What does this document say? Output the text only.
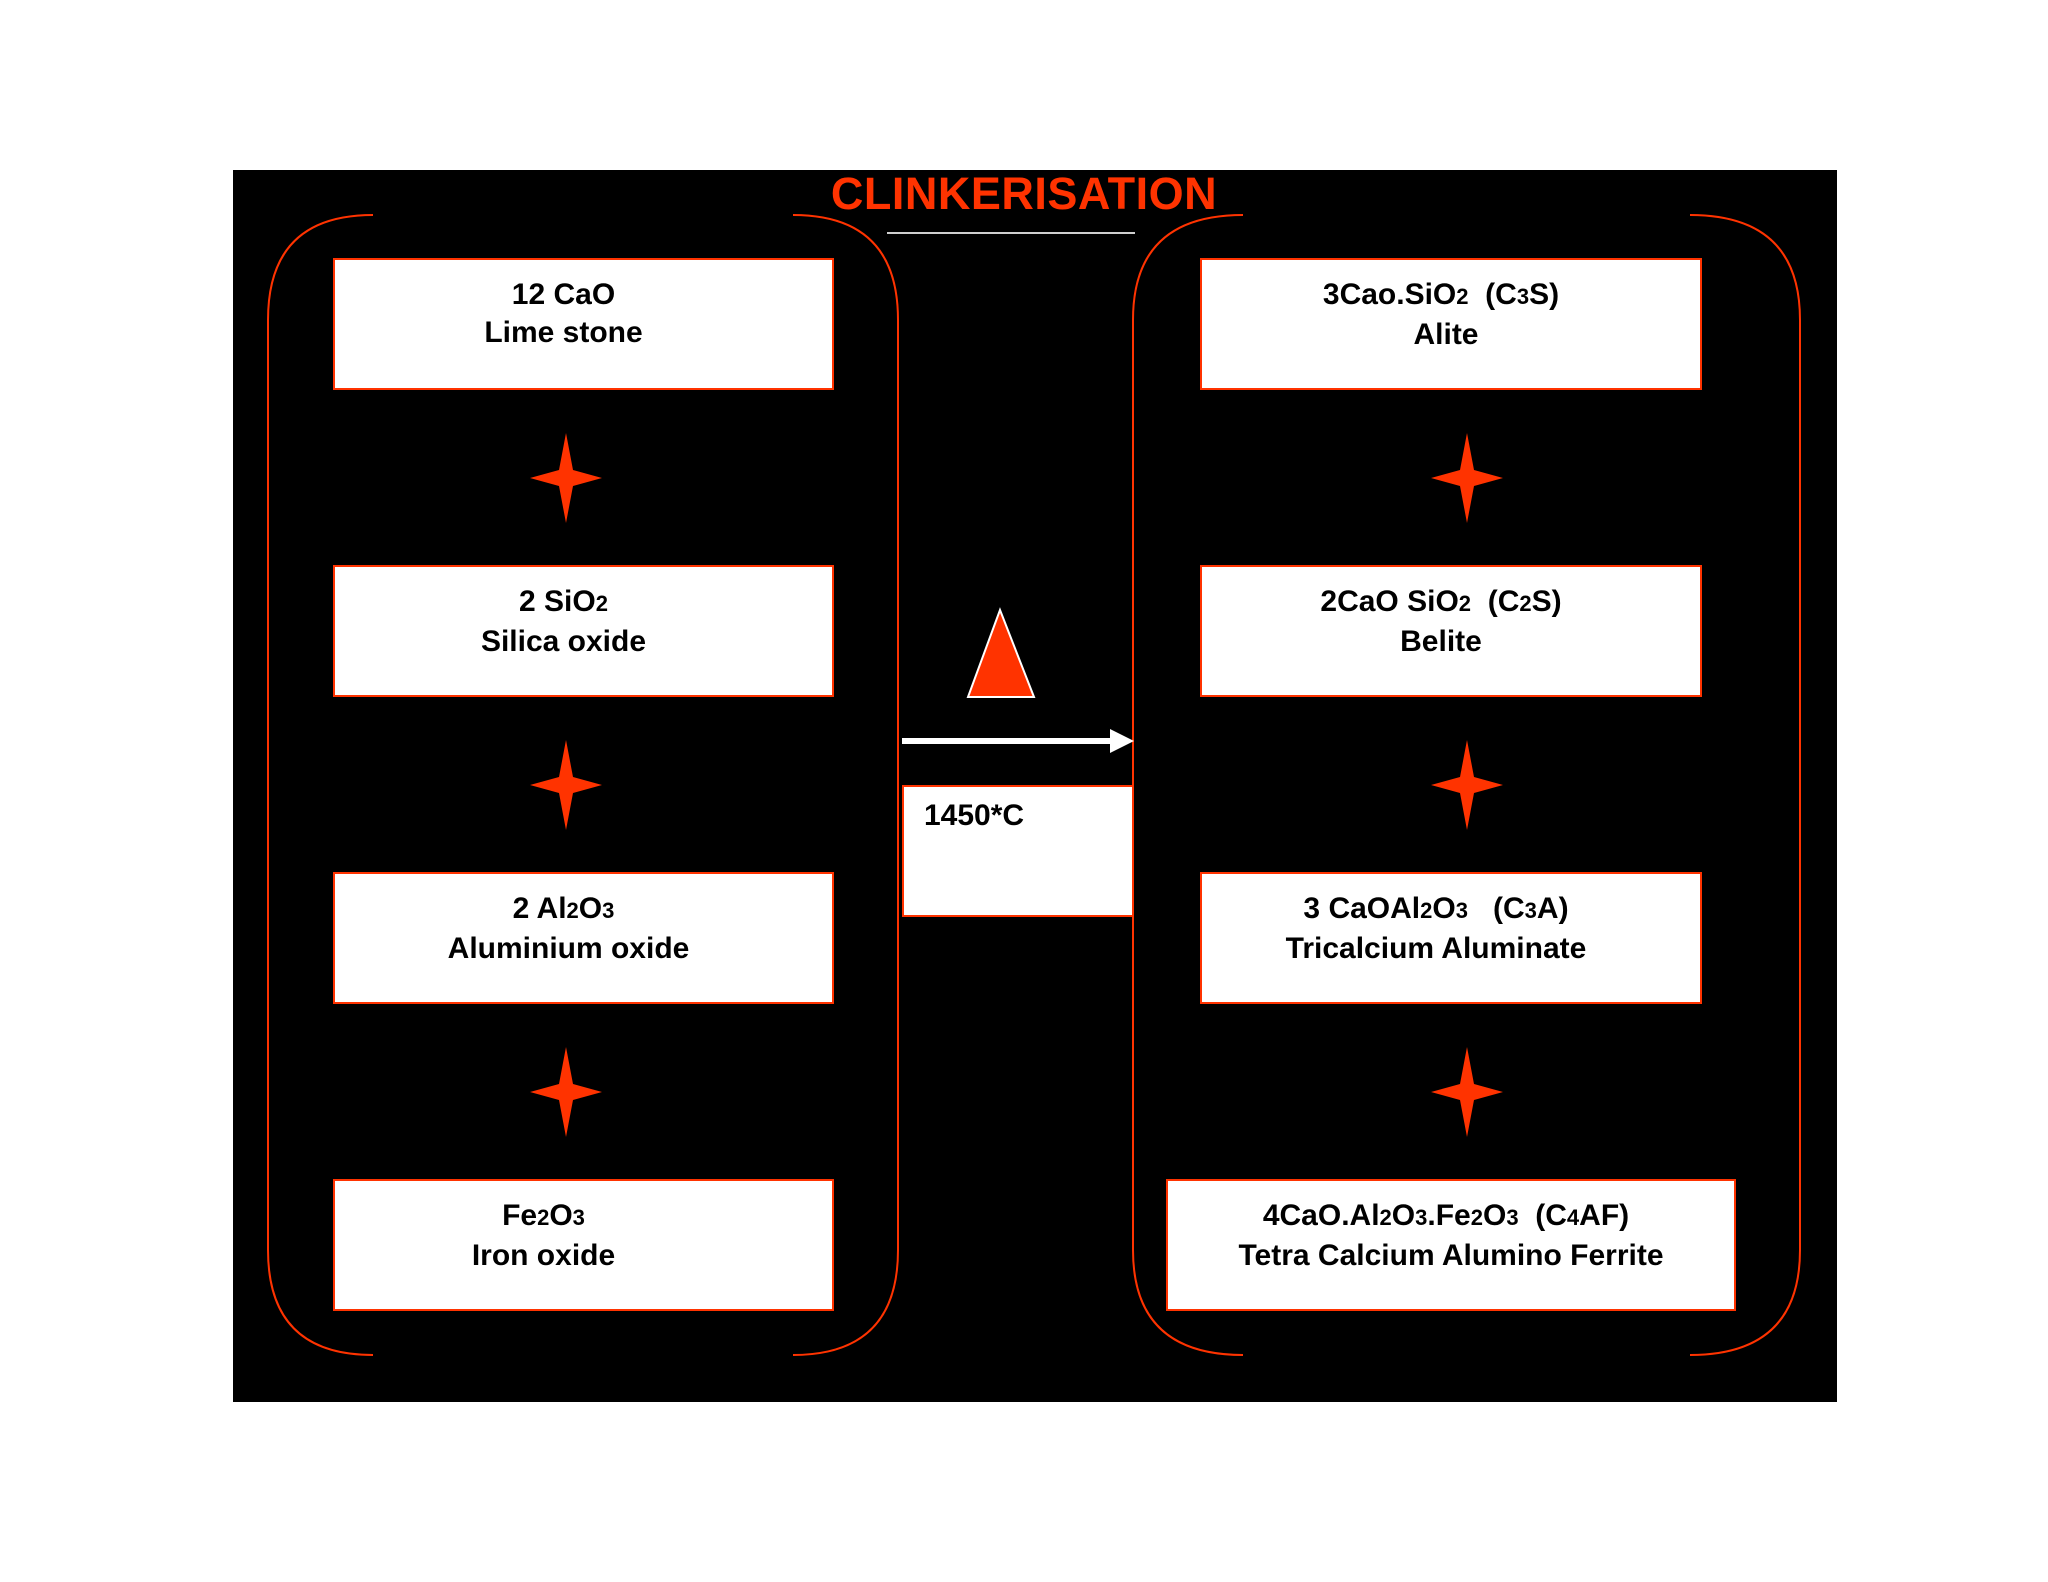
CLINKERISATION
12 CaO
Lime stone
2 SiO2
Silica oxide
2 Al2O3
Aluminium oxide
Fe2O3
Iron oxide
1450*C
3Cao.SiO2  (C3S)
Alite
2CaO SiO2  (C2S)
Belite
3 CaOAl2O3   (C3A)
Tricalcium Aluminate
4CaO.Al2O3.Fe2O3  (C4AF)
Tetra Calcium Alumino Ferrite
